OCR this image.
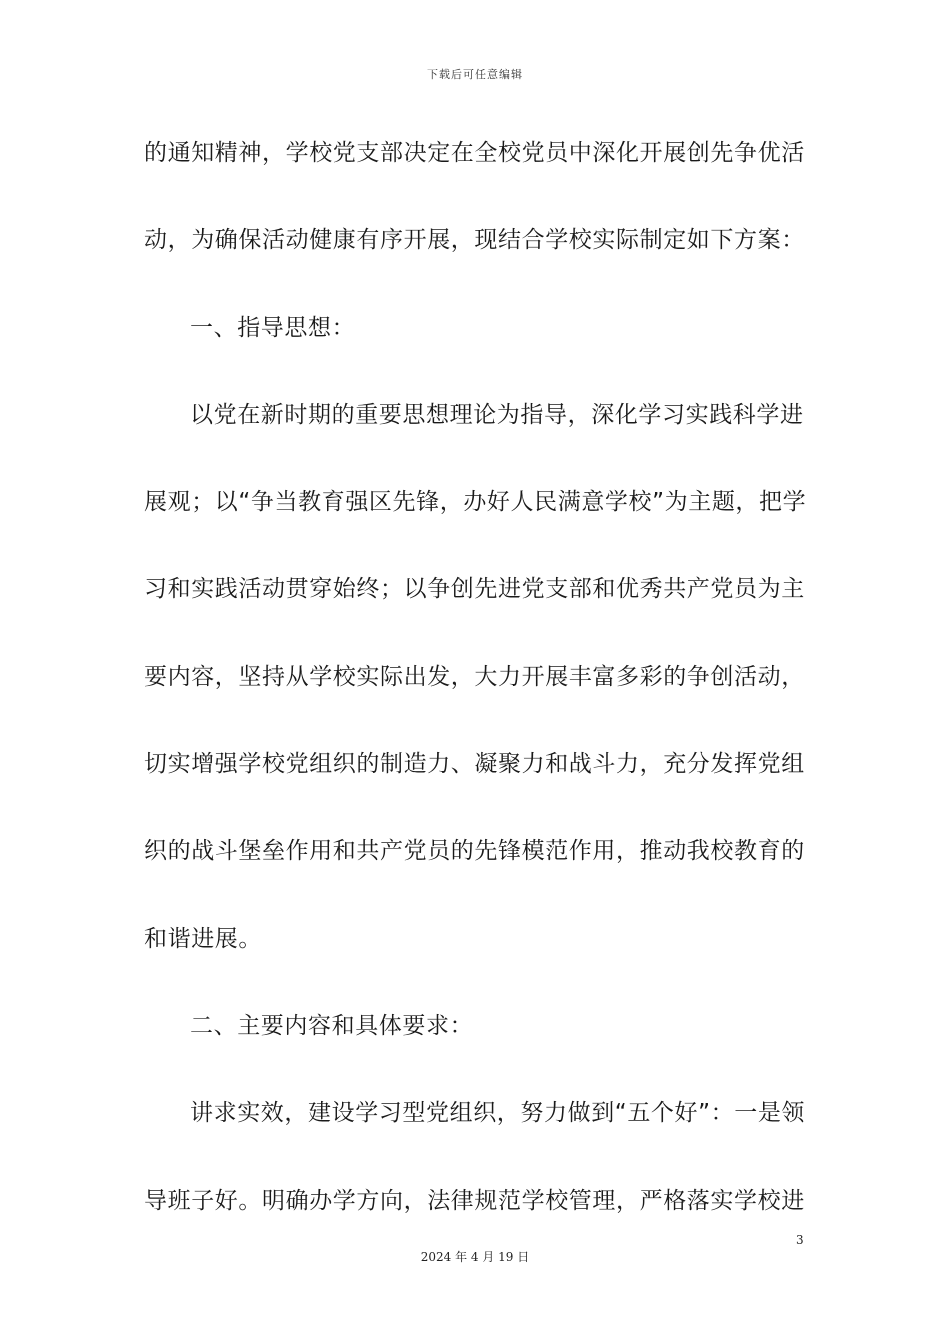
下载后可任意编辑
的通知精神，学校党支部决定在全校党员中深化开展创先争优活
动，为确保活动健康有序开展，现结合学校实际制定如下方案：
一、指导思想：
以党在新时期的重要思想理论为指导，深化学习实践科学进
展观；以“争当教育强区先锋，办好人民满意学校”为主题，把学
习和实践活动贯穿始终；以争创先进党支部和优秀共产党员为主
要内容，坚持从学校实际出发，大力开展丰富多彩的争创活动，
切实增强学校党组织的制造力、凝聚力和战斗力，充分发挥党组
织的战斗堡垒作用和共产党员的先锋模范作用，推动我校教育的
和谐进展。
二、主要内容和具体要求：
讲求实效，建设学习型党组织，努力做到“五个好”：一是领
导班子好。明确办学方向，法律规范学校管理，严格落实学校进
3
2024 年 4 月 19 日
